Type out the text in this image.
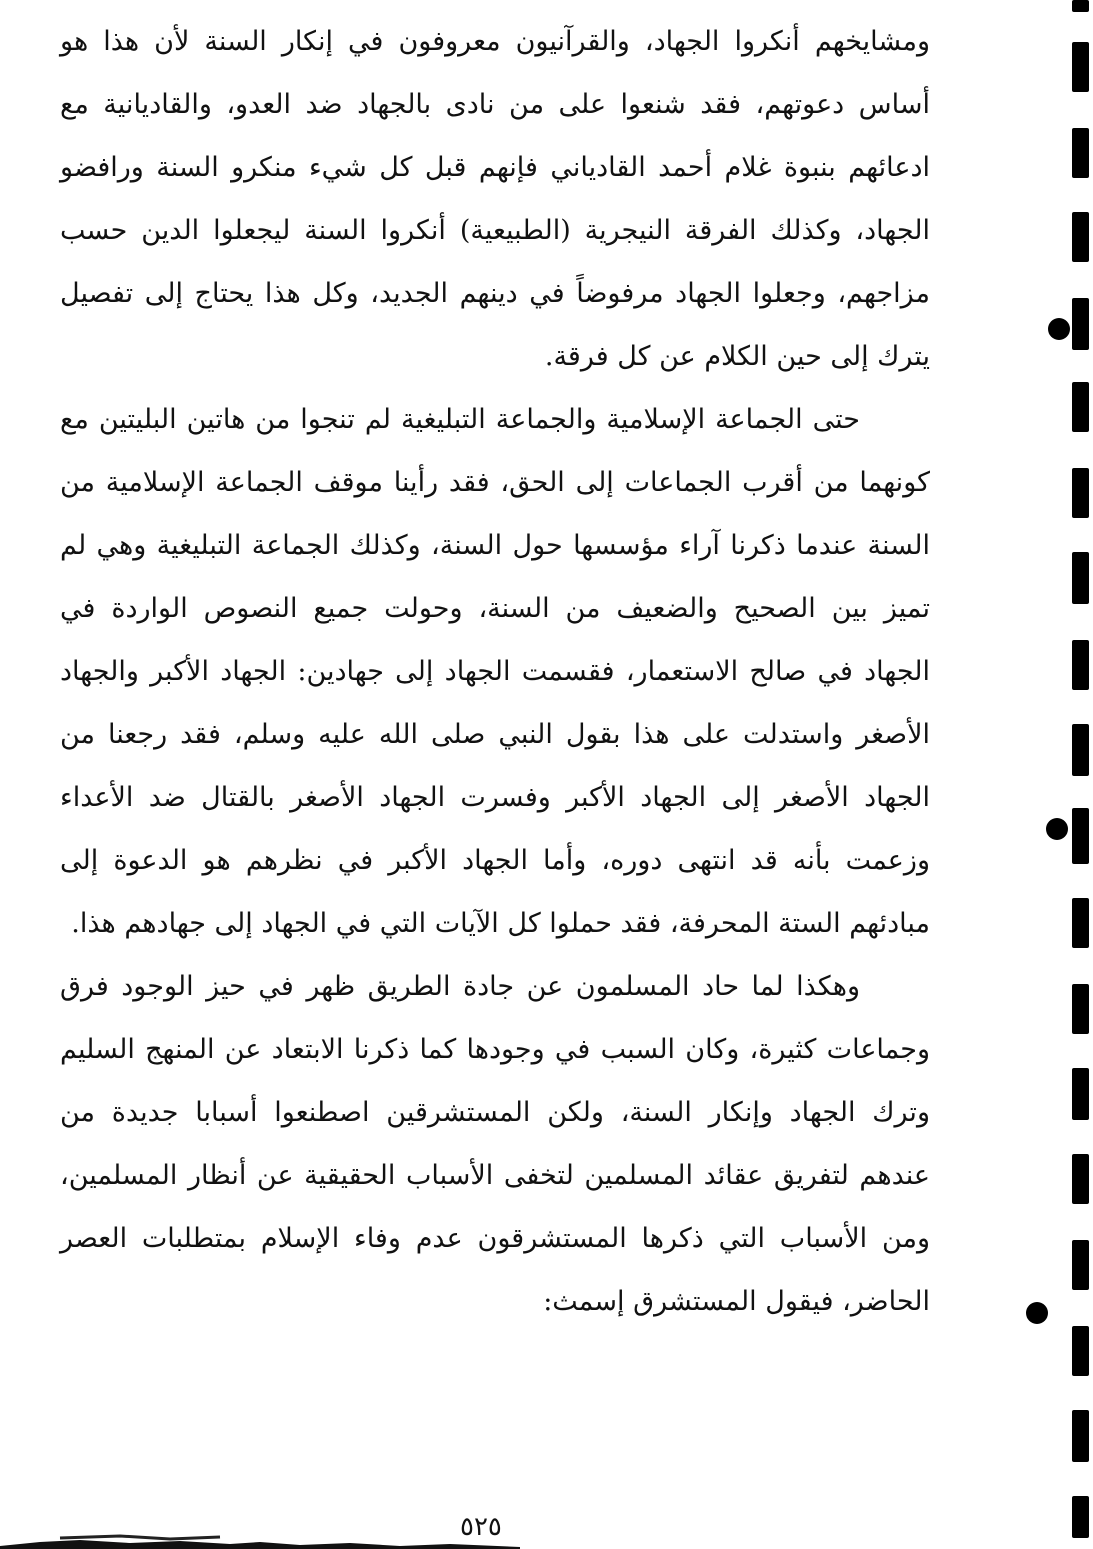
ومشايخهم أنكروا الجهاد، والقرآنيون معروفون في إنكار السنة لأن هذا هو أساس دعوتهم، فقد شنعوا على من نادى بالجهاد ضد العدو، والقاديانية مع ادعائهم بنبوة غلام أحمد القادياني فإنهم قبل كل شيء منكرو السنة ورافضو الجهاد، وكذلك الفرقة النيجرية (الطبيعية) أنكروا السنة ليجعلوا الدين حسب مزاجهم، وجعلوا الجهاد مرفوضاً في دينهم الجديد، وكل هذا يحتاج إلى تفصيل يترك إلى حين الكلام عن كل فرقة.

حتى الجماعة الإسلامية والجماعة التبليغية لم تنجوا من هاتين البليتين مع كونهما من أقرب الجماعات إلى الحق، فقد رأينا موقف الجماعة الإسلامية من السنة عندما ذكرنا آراء مؤسسها حول السنة، وكذلك الجماعة التبليغية وهي لم تميز بين الصحيح والضعيف من السنة، وحولت جميع النصوص الواردة في الجهاد في صالح الاستعمار، فقسمت الجهاد إلى جهادين: الجهاد الأكبر والجهاد الأصغر واستدلت على هذا بقول النبي صلى الله عليه وسلم، فقد رجعنا من الجهاد الأصغر إلى الجهاد الأكبر وفسرت الجهاد الأصغر بالقتال ضد الأعداء وزعمت بأنه قد انتهى دوره، وأما الجهاد الأكبر في نظرهم هو الدعوة إلى مبادئهم الستة المحرفة، فقد حملوا كل الآيات التي في الجهاد إلى جهادهم هذا.

وهكذا لما حاد المسلمون عن جادة الطريق ظهر في حيز الوجود فرق وجماعات كثيرة، وكان السبب في وجودها كما ذكرنا الابتعاد عن المنهج السليم وترك الجهاد وإنكار السنة، ولكن المستشرقين اصطنعوا أسبابا جديدة من عندهم لتفريق عقائد المسلمين لتخفى الأسباب الحقيقية عن أنظار المسلمين، ومن الأسباب التي ذكرها المستشرقون عدم وفاء الإسلام بمتطلبات العصر الحاضر، فيقول المستشرق إسمث:

٥٢٥
